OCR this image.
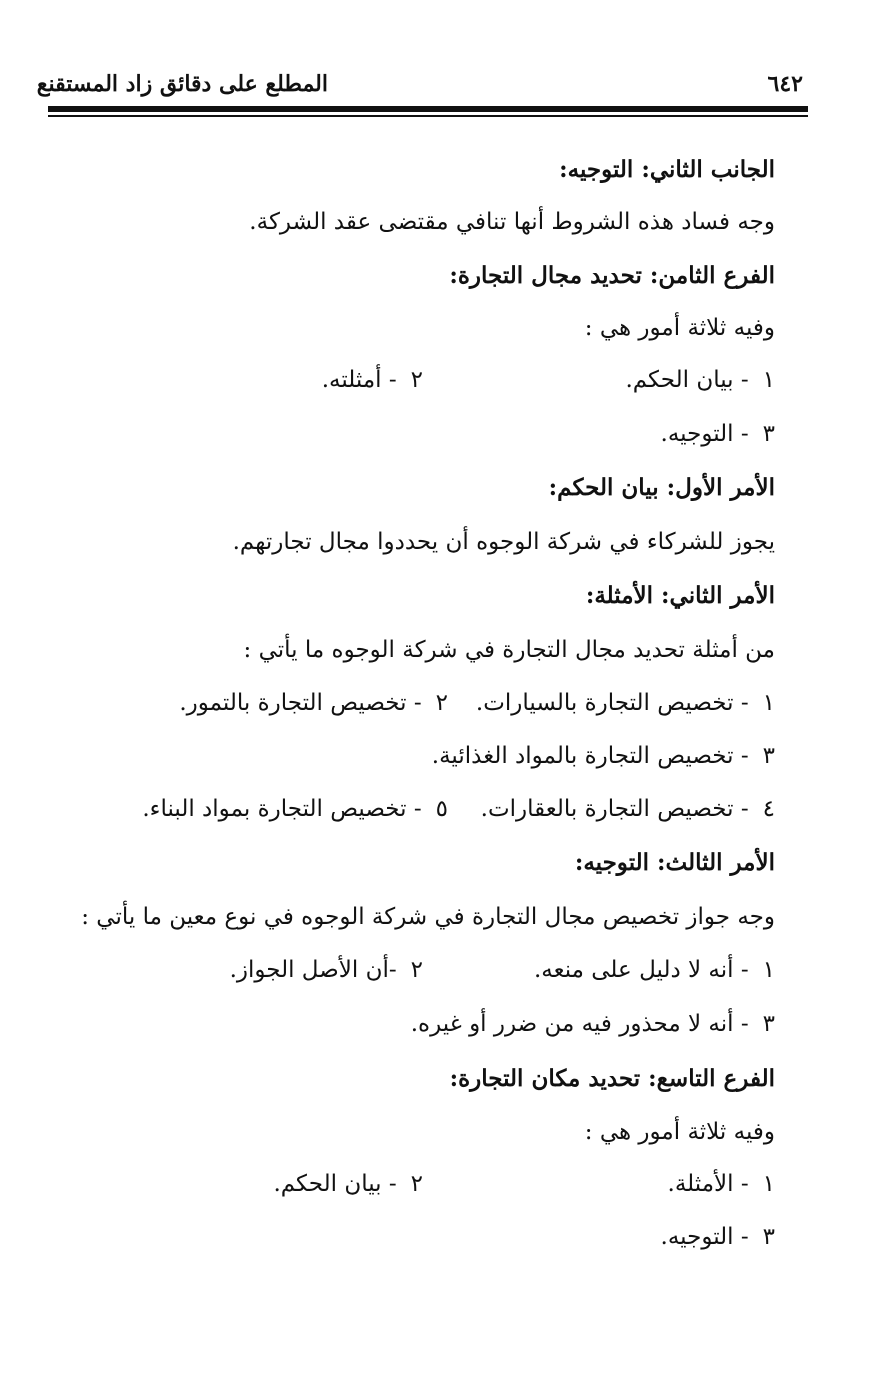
٦٤٢
المطلع على دقائق زاد المستقنع
الجانب الثاني: التوجيه:
وجه فساد هذه الشروط أنها تنافي مقتضى عقد الشركة.
الفرع الثامن: تحديد مجال التجارة:
وفيه ثلاثة أمور هي :
١- بيان الحكم.
٢- أمثلته.
٣- التوجيه.
الأمر الأول: بيان الحكم:
يجوز للشركاء في شركة الوجوه أن يحددوا مجال تجارتهم.
الأمر الثاني: الأمثلة:
من أمثلة تحديد مجال التجارة في شركة الوجوه ما يأتي :
١- تخصيص التجارة بالسيارات.
٢- تخصيص التجارة بالتمور.
٣- تخصيص التجارة بالمواد الغذائية.
٤- تخصيص التجارة بالعقارات.
٥- تخصيص التجارة بمواد البناء.
الأمر الثالث: التوجيه:
وجه جواز تخصيص مجال التجارة في شركة الوجوه في نوع معين ما يأتي :
١- أنه لا دليل على منعه.
٢-أن الأصل الجواز.
٣- أنه لا محذور فيه من ضرر أو غيره.
الفرع التاسع: تحديد مكان التجارة:
وفيه ثلاثة أمور هي :
١- الأمثلة.
٢- بيان الحكم.
٣- التوجيه.
